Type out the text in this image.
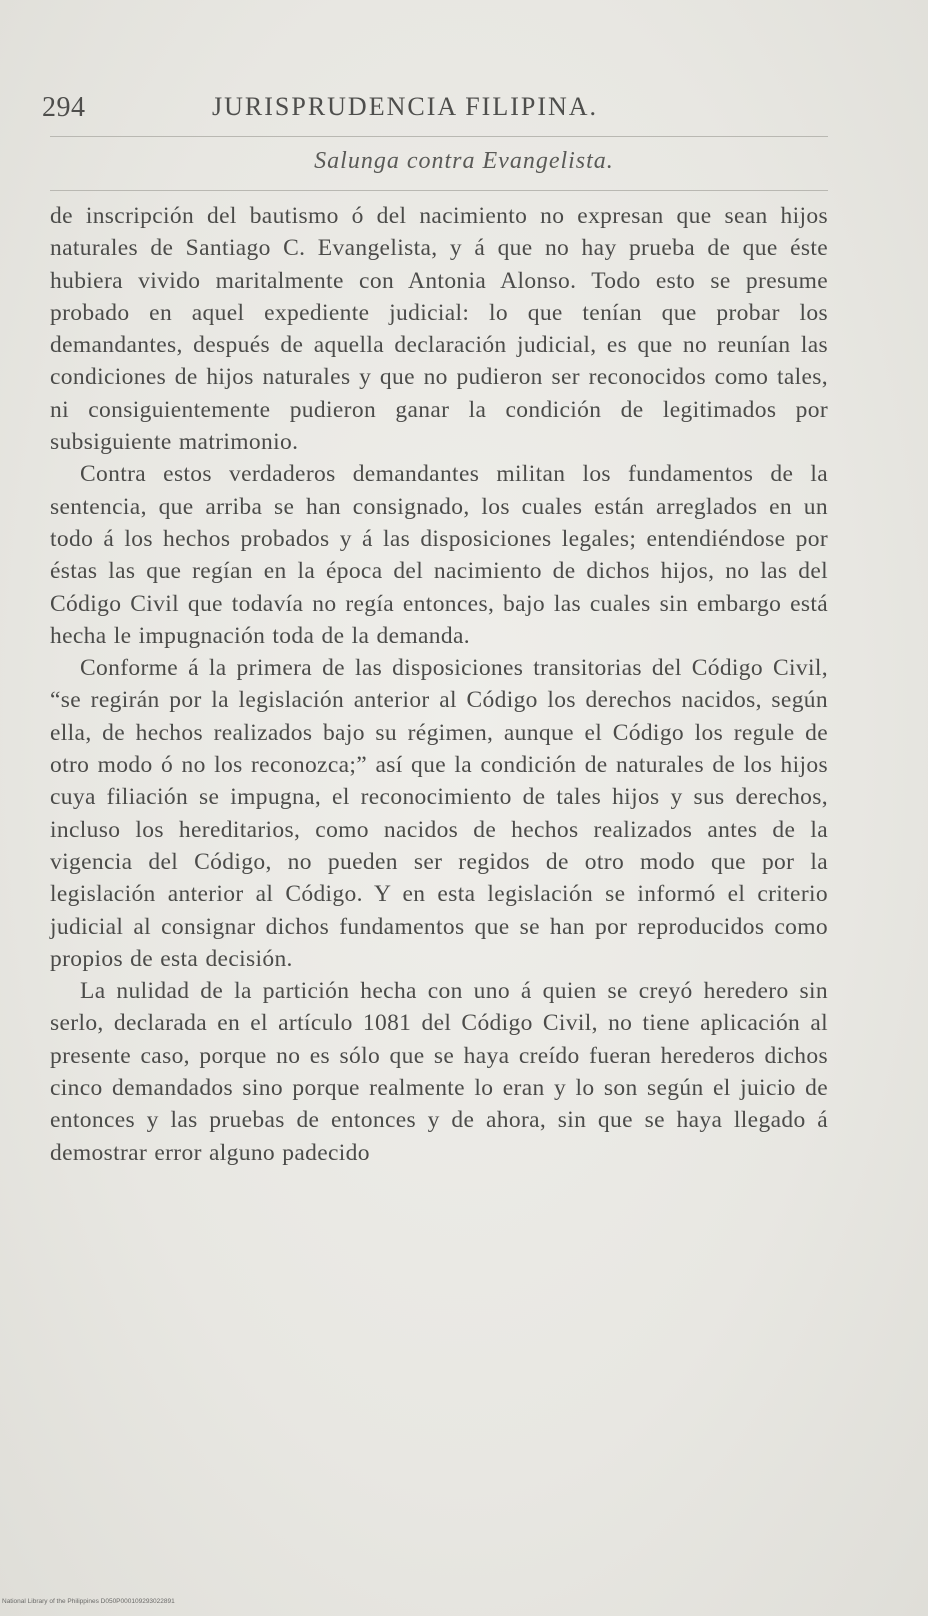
294	JURISPRUDENCIA FILIPINA.
Salunga contra Evangelista.

de inscripción del bautismo ó del nacimiento no expresan que sean hijos naturales de Santiago C. Evangelista, y á que no hay prueba de que éste hubiera vivido maritalmente con Antonia Alonso. Todo esto se presume probado en aquel expediente judicial: lo que tenían que probar los demandantes, después de aquella declaración judicial, es que no reunían las condiciones de hijos naturales y que no pudieron ser reconocidos como tales, ni consiguientemente pudieron ganar la condición de legitimados por subsiguiente matrimonio.

Contra estos verdaderos demandantes militan los fundamentos de la sentencia, que arriba se han consignado, los cuales están arreglados en un todo á los hechos probados y á las disposiciones legales; entendiéndose por éstas las que regían en la época del nacimiento de dichos hijos, no las del Código Civil que todavía no regía entonces, bajo las cuales sin embargo está hecha le impugnación toda de la demanda.

Conforme á la primera de las disposiciones transitorias del Código Civil, “se regirán por la legislación anterior al Código los derechos nacidos, según ella, de hechos realizados bajo su régimen, aunque el Código los regule de otro modo ó no los reconozca;” así que la condición de naturales de los hijos cuya filiación se impugna, el reconocimiento de tales hijos y sus derechos, incluso los hereditarios, como nacidos de hechos realizados antes de la vigencia del Código, no pueden ser regidos de otro modo que por la legislación anterior al Código. Y en esta legislación se informó el criterio judicial al consignar dichos fundamentos que se han por reproducidos como propios de esta decisión.

La nulidad de la partición hecha con uno á quien se creyó heredero sin serlo, declarada en el artículo 1081 del Código Civil, no tiene aplicación al presente caso, porque no es sólo que se haya creído fueran herederos dichos cinco demandados sino porque realmente lo eran y lo son según el juicio de entonces y las pruebas de entonces y de ahora, sin que se haya llegado á demostrar error alguno padecido

National Library of the Philippines D050P000109293022891
